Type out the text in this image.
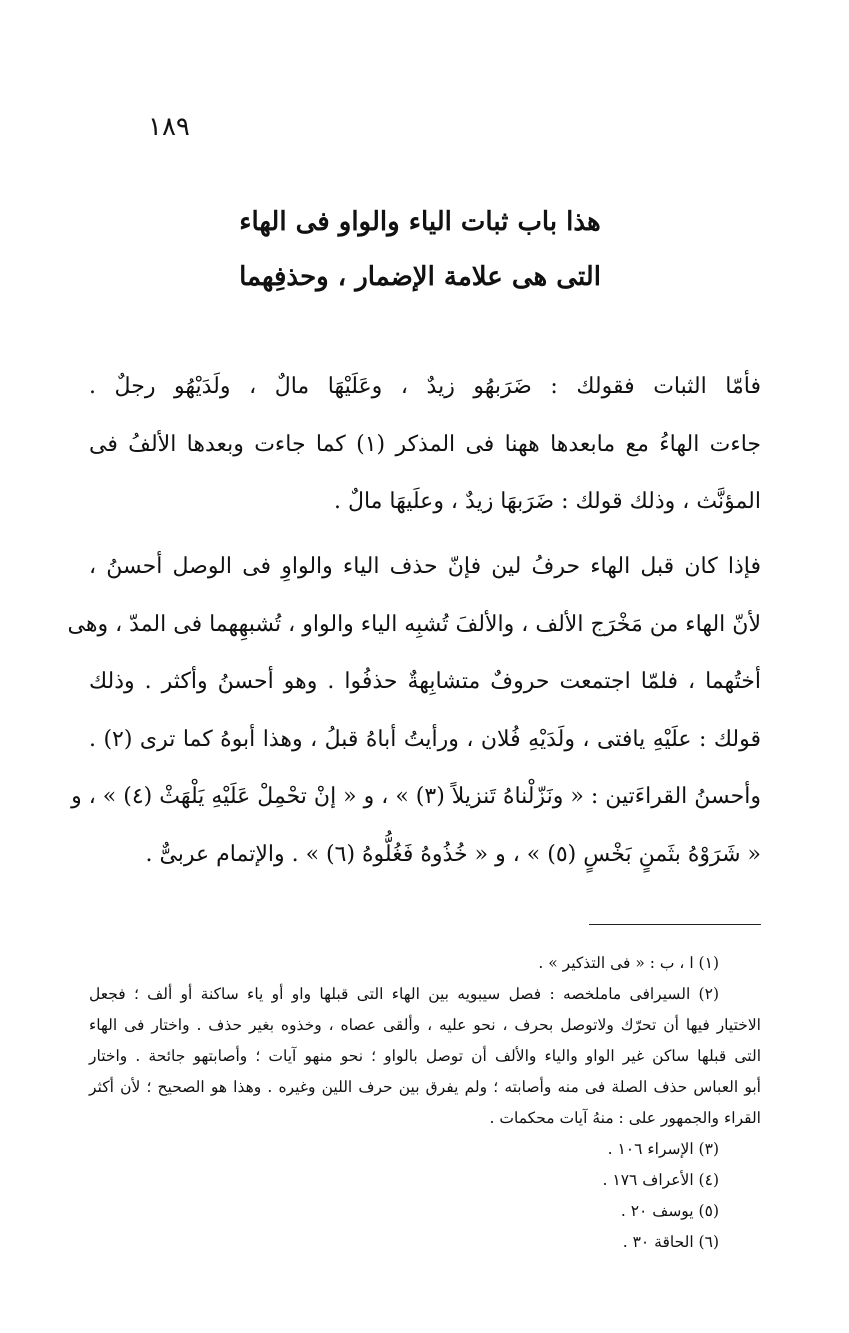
١٨٩
هذا باب ثبات الياء والواو فى الهاء
التى هى علامة الإضمار ، وحذفِهما
فأمّا الثبات فقولك : ضَرَبهُو زيدٌ ، وعَلَيْهَا مالٌ ، ولَدَيْهُو رجلٌ .
جاءت الهاءُ مع مابعدها ههنا فى المذكر (١) كما جاءت وبعدها الألفُ فى
المؤنَّث ، وذلك قولك : ضَرَبهَا زيدٌ ، وعلَيهَا مالٌ .
فإذا كان قبل الهاء حرفُ لين فإنّ حذف الياء والواوِ فى الوصل أحسنُ ،
لأنّ الهاء من مَخْرَج الألف ، والألفَ تُشبِه الياء والواو ، تُشبهِهما فى المدّ ، وهى
أختُهما ، فلمّا اجتمعت حروفٌ متشابِهةٌ حذفُوا . وهو أحسنُ وأكثر . وذلك
قولك : علَيْهِ يافتى ، ولَدَيْهِ فُلان ، ورأيتُ أباهُ قبلُ ، وهذا أبوهُ كما ترى (٢) .
وأحسنُ القراءَتين : « ونَزّلْناهُ تَنزيلاً (٣) » ، و « إنْ تحْمِلْ عَلَيْهِ يَلْهَثْ (٤) » ، و
« شَرَوْهُ بثَمنٍ بَخْسٍ (٥) » ، و « خُذُوهُ فَغُلُّوهُ (٦) » . والإتمام عربىٌّ .
(١) ا ، ب : « فى التذكير » .
(٢) السيرافى ماملخصه : فصل سيبويه بين الهاء التى قبلها واو أو ياء ساكنة أو ألف ؛ فجعل
الاختيار فيها أن تحرّك ولاتوصل بحرف ، نحو عليه ، وألقى عصاه ، وخذوه بغير حذف . واختار فى الهاء
التى قبلها ساكن غير الواو والياء والألف أن توصل بالواو ؛ نحو منهو آيات ؛ وأصابتهو جائحة . واختار
أبو العباس حذف الصلة فى منه وأصابته ؛ ولم يفرق بين حرف اللين وغيره . وهذا هو الصحيح ؛ لأن أكثر
القراء والجمهور على : منهُ آيات محكمات .
(٣) الإسراء ١٠٦ .
(٤) الأعراف ١٧٦ .
(٥) يوسف ٢٠ .
(٦) الحاقة ٣٠ .
